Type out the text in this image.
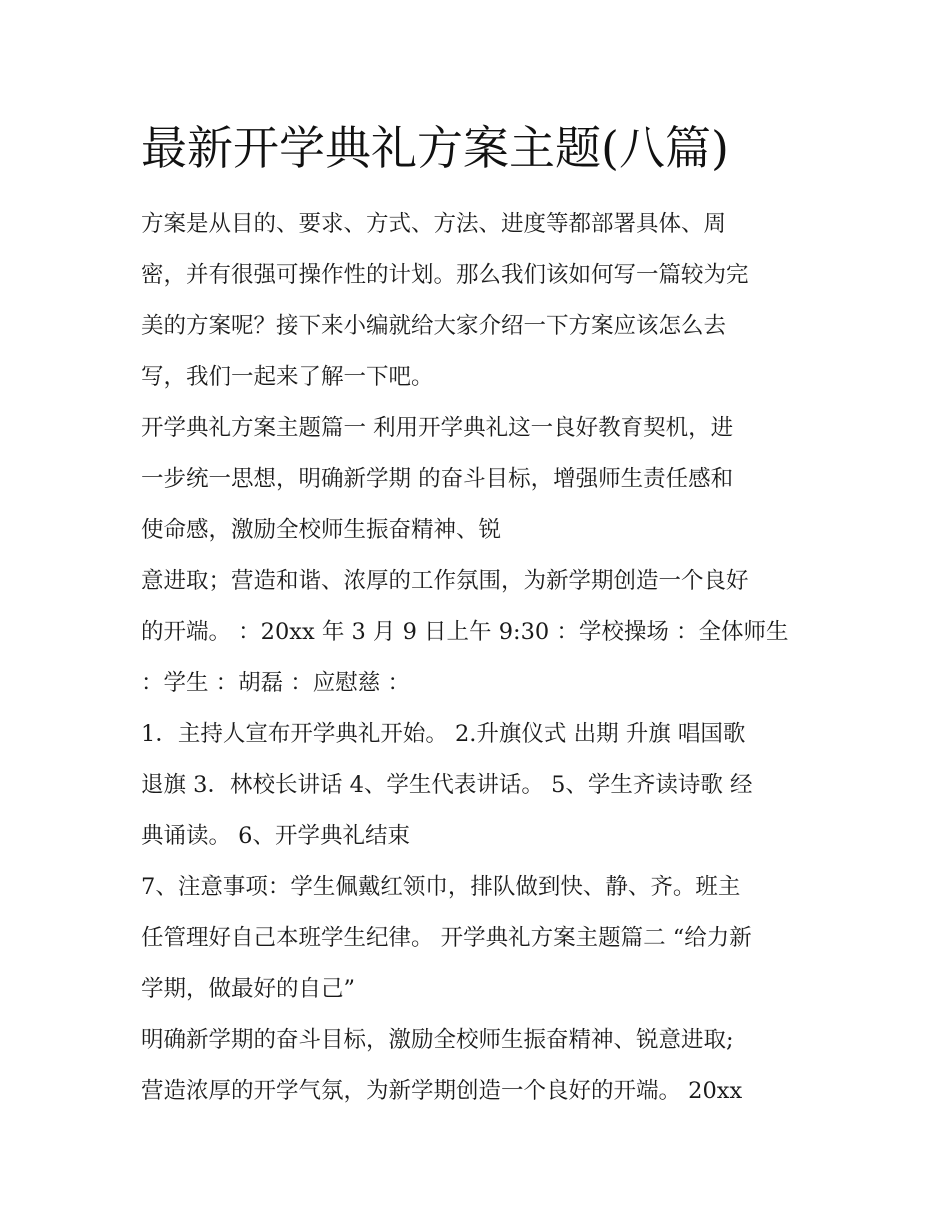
最新开学典礼方案主题(八篇)

方案是从目的、要求、方式、方法、进度等都部署具体、周

密，并有很强可操作性的计划。那么我们该如何写一篇较为完

美的方案呢？接下来小编就给大家介绍一下方案应该怎么去

写，我们一起来了解一下吧。

开学典礼方案主题篇一 利用开学典礼这一良好教育契机，进

一步统一思想，明确新学期 的奋斗目标，增强师生责任感和

使命感，激励全校师生振奋精神、锐

意进取；营造和谐、浓厚的工作氛围，为新学期创造一个良好

的开端。 ：20xx 年 3 月 9 日上午 9:30 ：学校操场 ：全体师生

：学生 ：胡磊 ：应慰慈 ：

1．主持人宣布开学典礼开始。 2.升旗仪式 出期 升旗 唱国歌

退旗 3．林校长讲话 4、学生代表讲话。 5、学生齐读诗歌 经

典诵读。 6、开学典礼结束

7、注意事项：学生佩戴红领巾，排队做到快、静、齐。班主

任管理好自己本班学生纪律。 开学典礼方案主题篇二 “给力新

学期，做最好的自己”

明确新学期的奋斗目标，激励全校师生振奋精神、锐意进取;

营造浓厚的开学气氛，为新学期创造一个良好的开端。 20xx
